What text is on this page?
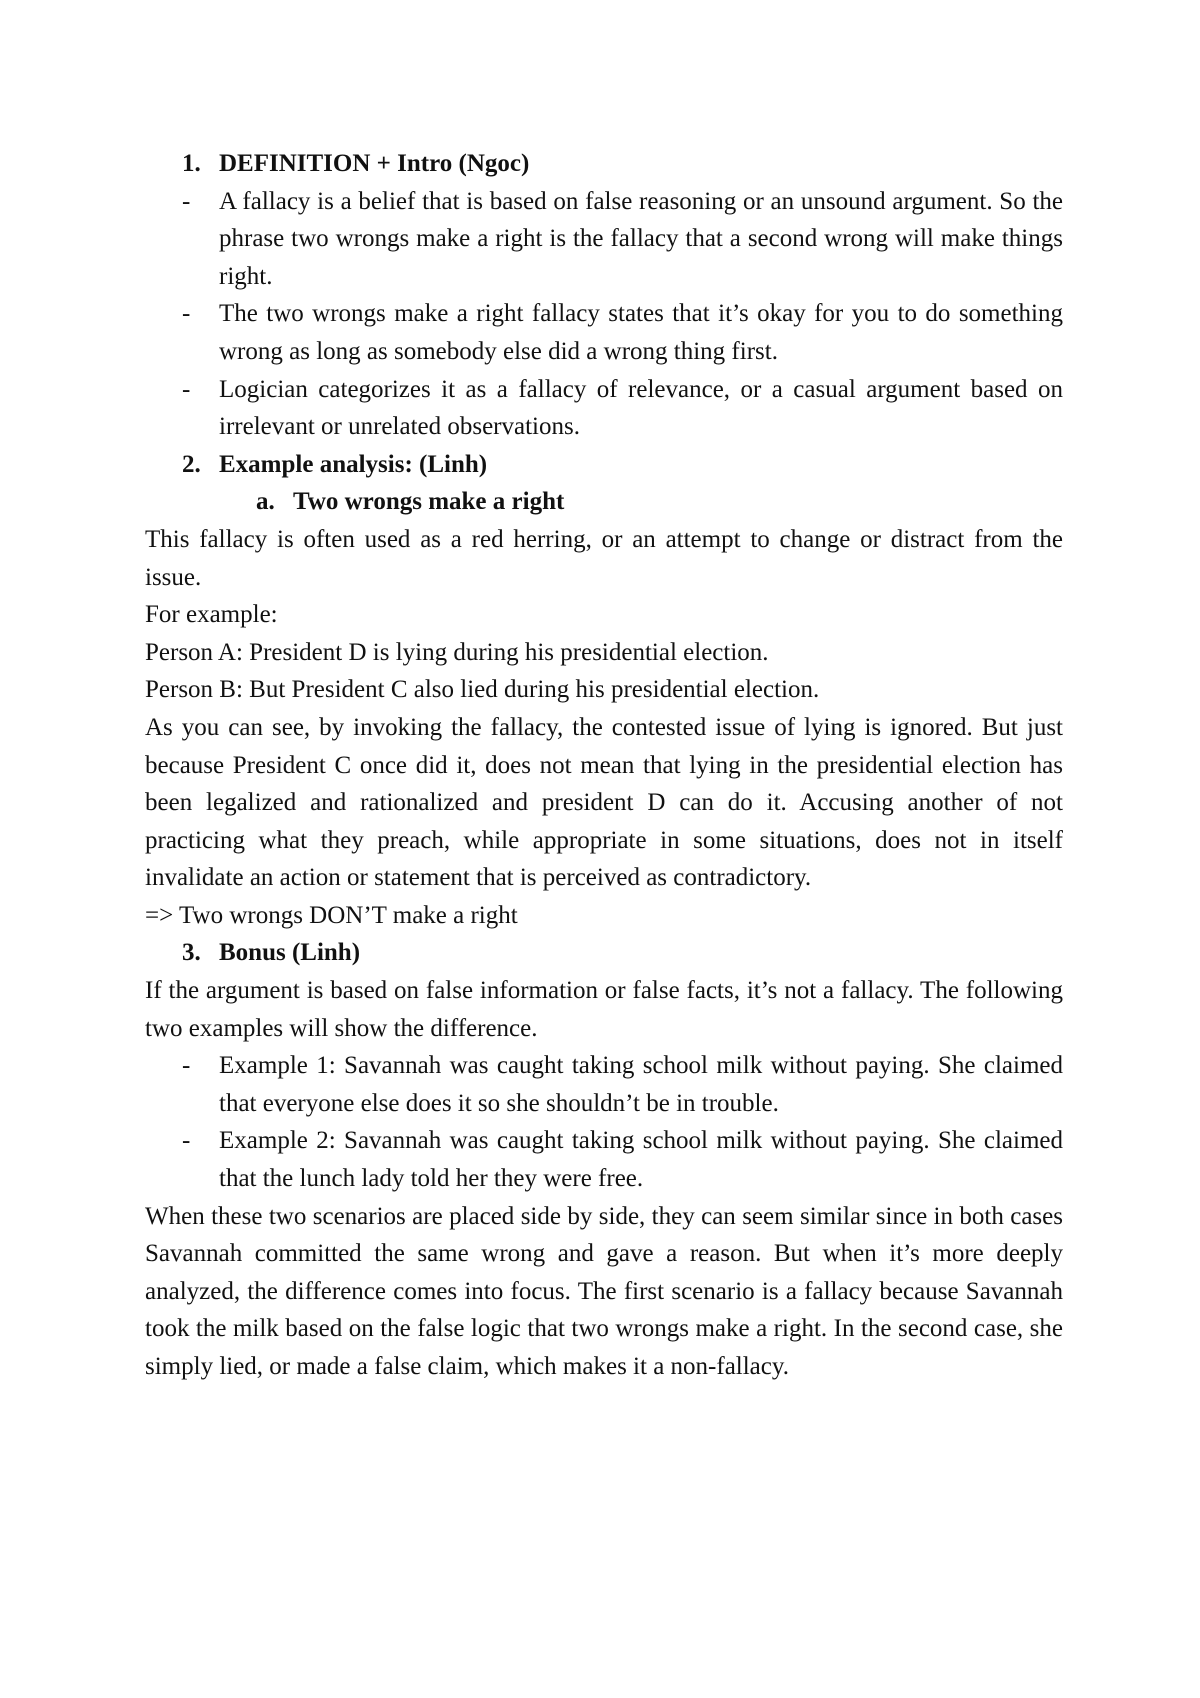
1. DEFINITION + Intro (Ngoc)
- A fallacy is a belief that is based on false reasoning or an unsound argument. So the phrase two wrongs make a right is the fallacy that a second wrong will make things right.
- The two wrongs make a right fallacy states that it’s okay for you to do something wrong as long as somebody else did a wrong thing first.
- Logician categorizes it as a fallacy of relevance, or a casual argument based on irrelevant or unrelated observations.
2. Example analysis: (Linh)
a. Two wrongs make a right

This fallacy is often used as a red herring, or an attempt to change or distract from the issue.

For example:

Person A: President D is lying during his presidential election.

Person B: But President C also lied during his presidential election.

As you can see, by invoking the fallacy, the contested issue of lying is ignored. But just because President C once did it, does not mean that lying in the presidential election has been legalized and rationalized and president D can do it. Accusing another of not practicing what they preach, while appropriate in some situations, does not in itself invalidate an action or statement that is perceived as contradictory.

=> Two wrongs DON’T make a right

3. Bonus (Linh)

If the argument is based on false information or false facts, it’s not a fallacy. The following two examples will show the difference.

- Example 1: Savannah was caught taking school milk without paying. She claimed that everyone else does it so she shouldn’t be in trouble.
- Example 2: Savannah was caught taking school milk without paying. She claimed that the lunch lady told her they were free.

When these two scenarios are placed side by side, they can seem similar since in both cases Savannah committed the same wrong and gave a reason. But when it’s more deeply analyzed, the difference comes into focus. The first scenario is a fallacy because Savannah took the milk based on the false logic that two wrongs make a right. In the second case, she simply lied, or made a false claim, which makes it a non-fallacy.
